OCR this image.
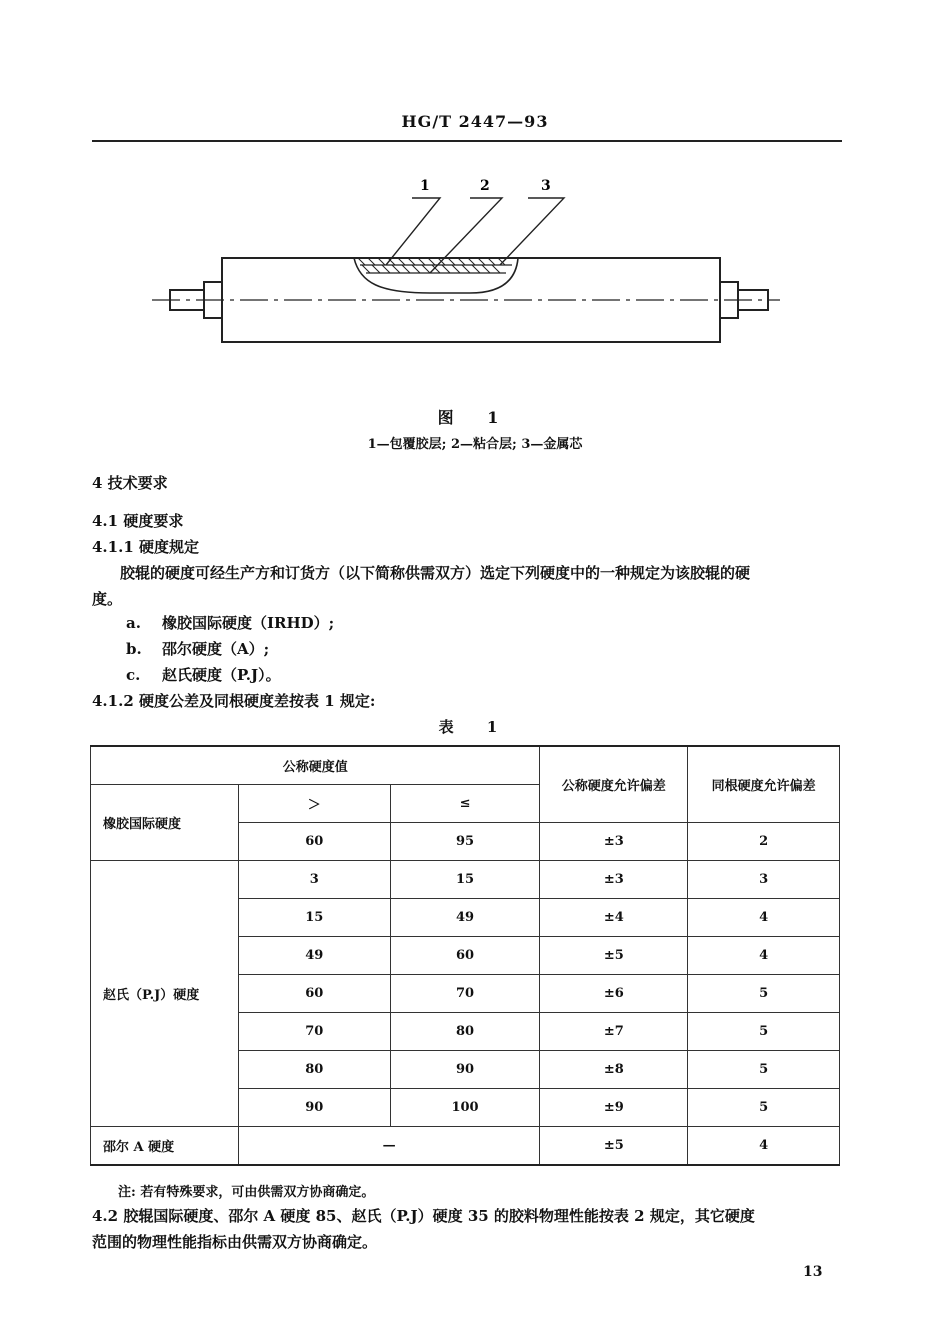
HG/T 2447—93
1	2	3
图 1
1—包覆胶层; 2—粘合层; 3—金属芯
4 技术要求
4.1 硬度要求
4.1.1 硬度规定
胶辊的硬度可经生产方和订货方（以下简称供需双方）选定下列硬度中的一种规定为该胶辊的硬
度。
a. 橡胶国际硬度（IRHD）;
b. 邵尔硬度（A）;
c. 赵氏硬度（P.J）。
4.1.2 硬度公差及同根硬度差按表 1 规定:
表 1
公称硬度值			公称硬度允许偏差	同根硬度允许偏差
橡胶国际硬度	＞	≤		
	60	95	±3	2
赵氏（P.J）硬度	3	15	±3	3
	15	49	±4	4
	49	60	±5	4
	60	70	±6	5
	70	80	±7	5
	80	90	±8	5
	90	100	±9	5
邵尔 A 硬度	—		±5	4
注: 若有特殊要求，可由供需双方协商确定。
4.2 胶辊国际硬度、邵尔 A 硬度 85、赵氏（P.J）硬度 35 的胶料物理性能按表 2 规定，其它硬度
范围的物理性能指标由供需双方协商确定。
13
